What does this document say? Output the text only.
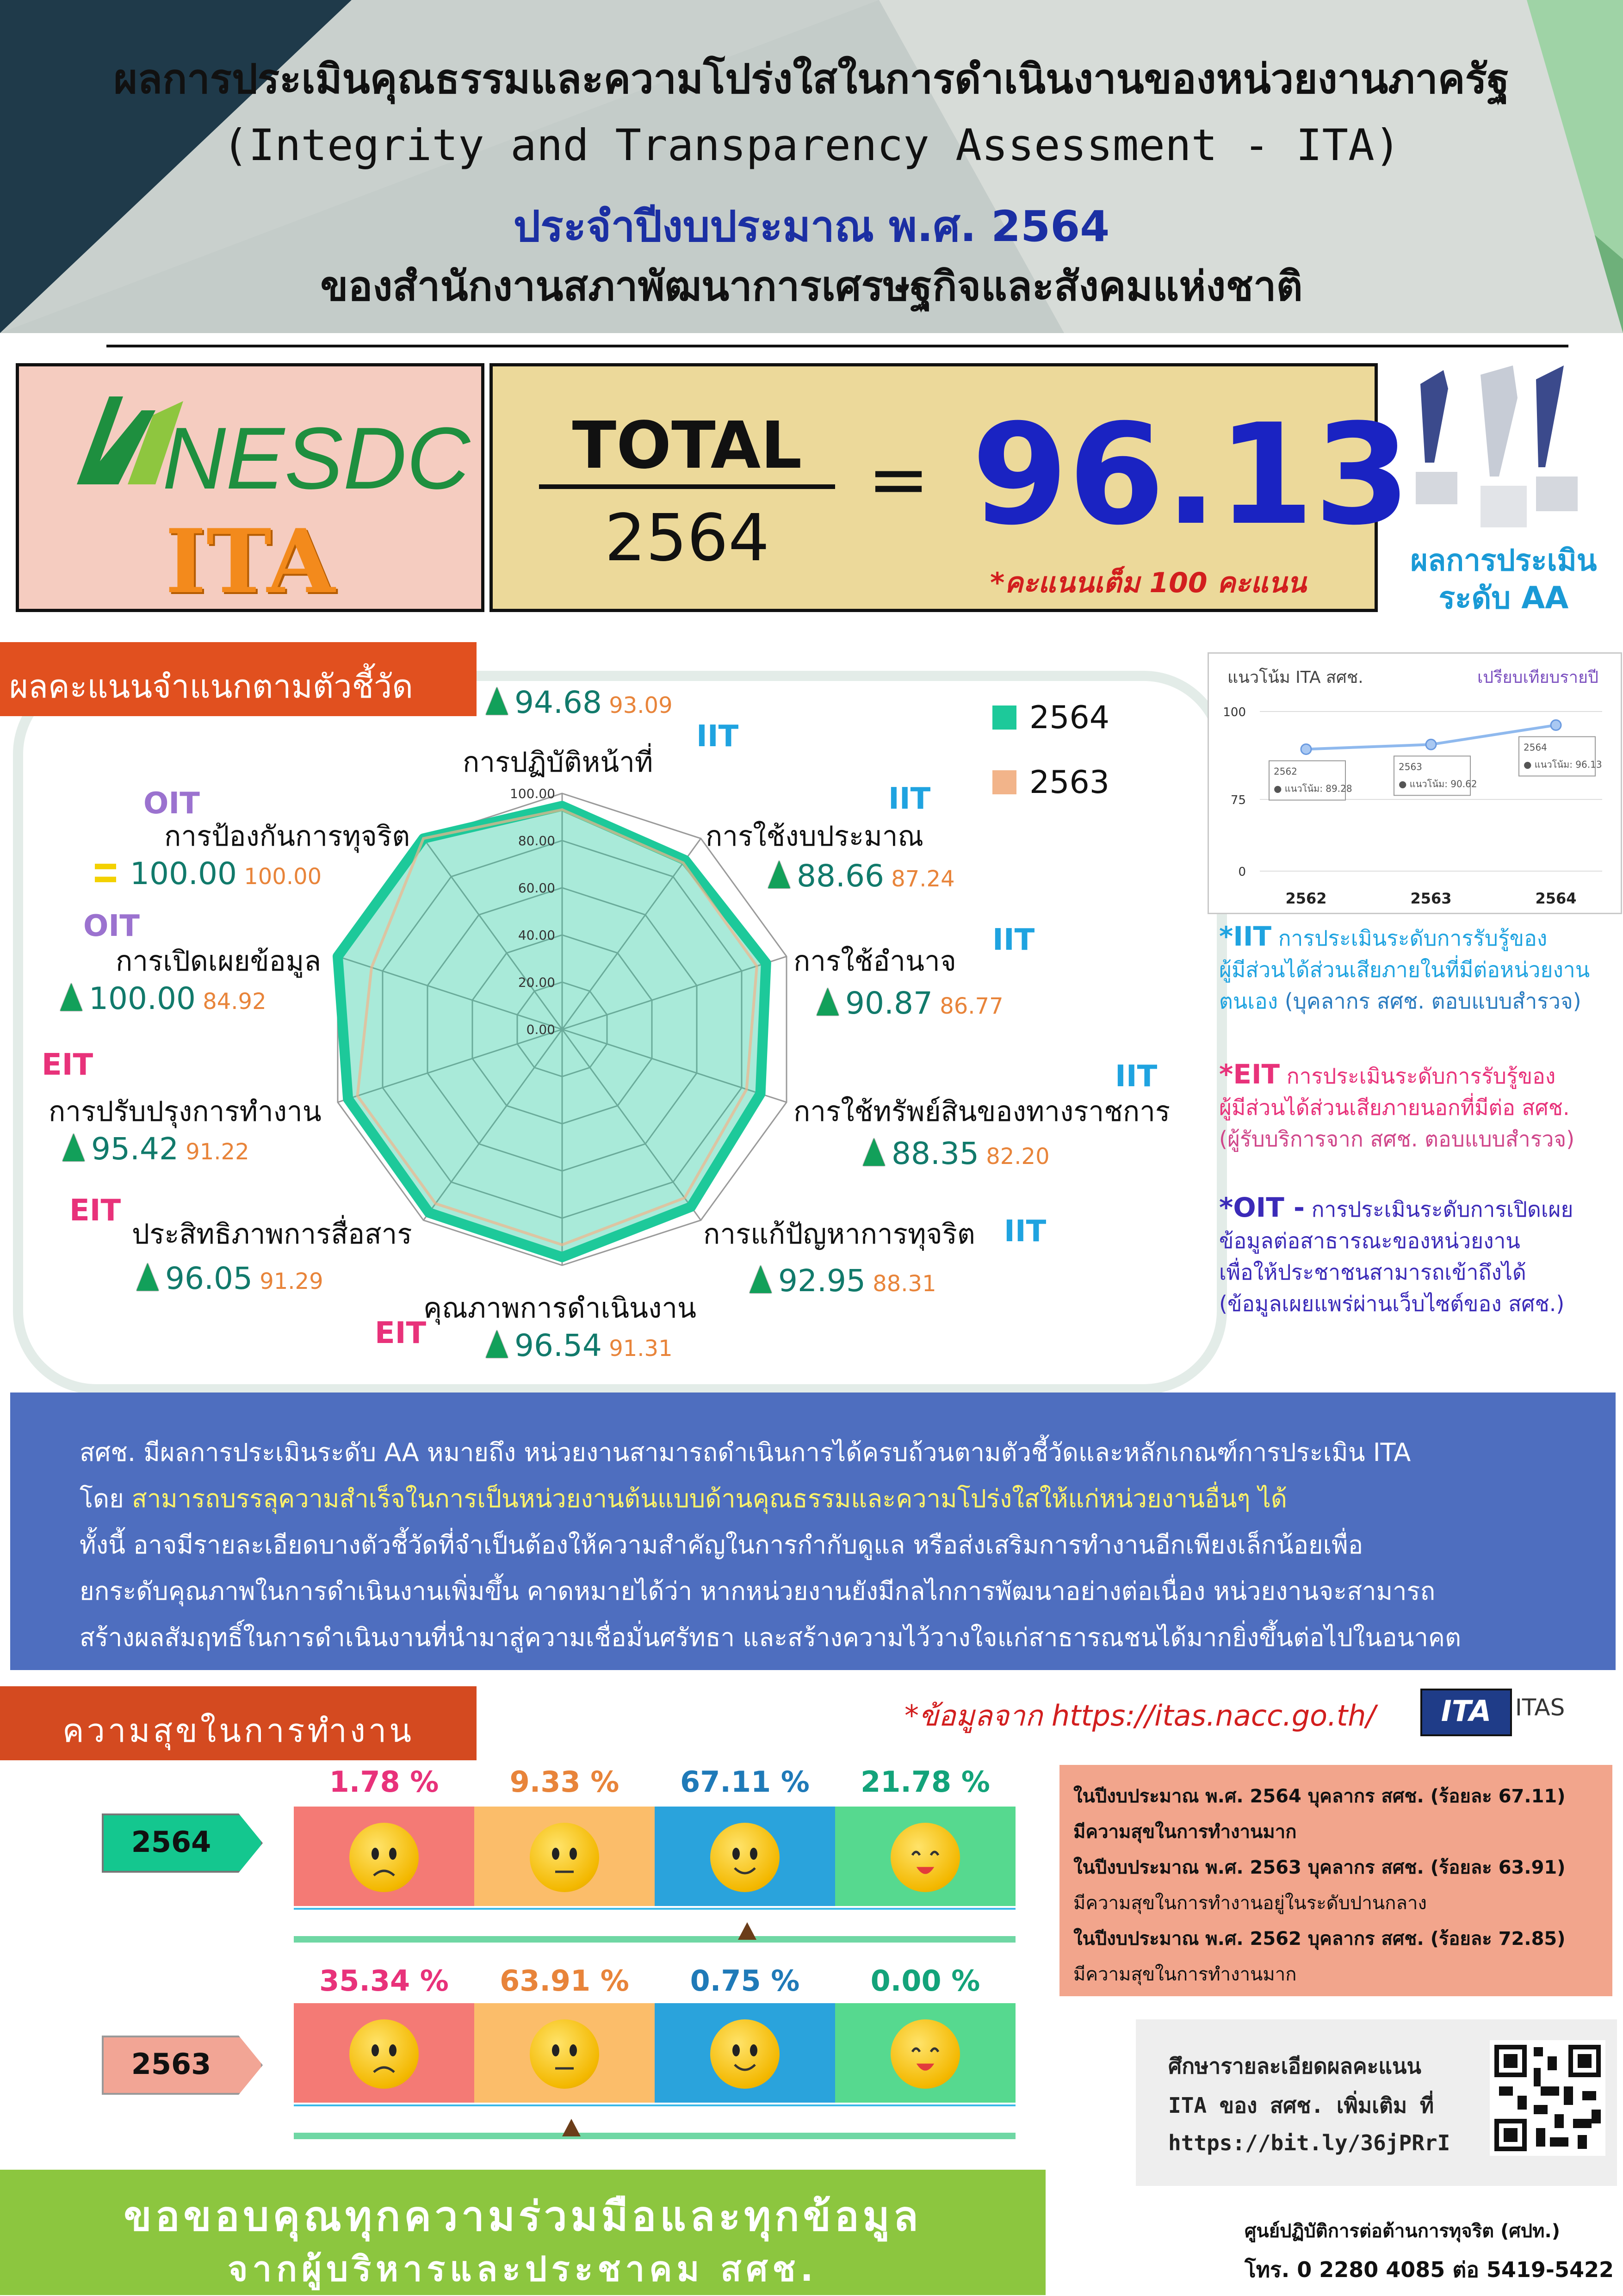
ผลการประเมินคุณธรรมและความโปร่งใสในการดำเนินงานของหน่วยงานภาครัฐ
(Integrity and Transparency Assessment - ITA)
ประจำปีงบประมาณ พ.ศ. 2564
ของสำนักงานสภาพัฒนาการเศรษฐกิจและสังคมแห่งชาติ
NESDC
ITA
TOTAL
2564
= 96.13
*คะแนนเต็ม 100 คะแนน
ผลการประเมิน
ระดับ AA
ผลคะแนนจำแนกตามตัวชี้วัด
0.00
20.00
40.00
60.00
80.00
100.00
2564
2563
94.68 93.09
การปฏิบัติหน้าที่
IIT
IIT
การใช้งบประมาณ
88.66 87.24
IIT
การใช้อำนาจ
90.87 86.77
IIT
การใช้ทรัพย์สินของทางราชการ
88.35 82.20
การแก้ปัญหาการทุจริต IIT
92.95 88.31
คุณภาพการดำเนินงาน
EIT	96.54 91.31
EIT
ประสิทธิภาพการสื่อสาร
96.05 91.29
EIT
การปรับปรุงการทำงาน
95.42 91.22
OIT
การเปิดเผยข้อมูล
100.00 84.92
OIT
การป้องกันการทุจริต
100.00 100.00
แนวโน้ม ITA สศช.	เปรียบเทียบรายปี
100
75
0
2562
● แนวโน้ม: 89.28
2562
2563
● แนวโน้ม: 90.62
2563
2564
● แนวโน้ม: 96.13
2564
*IIT การประเมินระดับการรับรู้ของ
ผู้มีส่วนได้ส่วนเสียภายในที่มีต่อหน่วยงาน
ตนเอง (บุคลากร สศช. ตอบแบบสำรวจ)
*EIT การประเมินระดับการรับรู้ของ
ผู้มีส่วนได้ส่วนเสียภายนอกที่มีต่อ สศช.
(ผู้รับบริการจาก สศช. ตอบแบบสำรวจ)
*OIT - การประเมินระดับการเปิดเผย
ข้อมูลต่อสาธารณะของหน่วยงาน
เพื่อให้ประชาชนสามารถเข้าถึงได้
(ข้อมูลเผยแพร่ผ่านเว็บไซต์ของ สศช.)
สศช. มีผลการประเมินระดับ AA หมายถึง หน่วยงานสามารถดำเนินการได้ครบถ้วนตามตัวชี้วัดและหลักเกณฑ์การประเมิน ITA
โดย สามารถบรรลุความสำเร็จในการเป็นหน่วยงานต้นแบบด้านคุณธรรมและความโปร่งใสให้แก่หน่วยงานอื่นๆ ได้
ทั้งนี้ อาจมีรายละเอียดบางตัวชี้วัดที่จำเป็นต้องให้ความสำคัญในการกำกับดูแล หรือส่งเสริมการทำงานอีกเพียงเล็กน้อยเพื่อ
ยกระดับคุณภาพในการดำเนินงานเพิ่มขึ้น คาดหมายได้ว่า หากหน่วยงานยังมีกลไกการพัฒนาอย่างต่อเนื่อง หน่วยงานจะสามารถ
สร้างผลสัมฤทธิ์ในการดำเนินงานที่นำมาสู่ความเชื่อมั่นศรัทธา และสร้างความไว้วางใจแก่สาธารณชนได้มากยิ่งขึ้นต่อไปในอนาคต
ความสุขในการทำงาน	*ข้อมูลจาก https://itas.nacc.go.th/	ITA	ITAS
2564
1.78 %	9.33 %	67.11 %	21.78 %
2563
35.34 %	63.91 %	0.75 %	0.00 %
ในปีงบประมาณ พ.ศ. 2564 บุคลากร สศช. (ร้อยละ 67.11)
มีความสุขในการทำงานมาก
ในปีงบประมาณ พ.ศ. 2563 บุคลากร สศช. (ร้อยละ 63.91)
มีความสุขในการทำงานอยู่ในระดับปานกลาง
ในปีงบประมาณ พ.ศ. 2562 บุคลากร สศช. (ร้อยละ 72.85)
มีความสุขในการทำงานมาก
ศึกษารายละเอียดผลคะแนน
ITA ของ สศช. เพิ่มเติม ที่
https://bit.ly/36jPRrI
ขอขอบคุณทุกความร่วมมือและทุกข้อมูล
จากผู้บริหารและประชาคม สศช.
ศูนย์ปฏิบัติการต่อต้านการทุจริต (ศปท.)
โทร. 0 2280 4085 ต่อ 5419-5422
